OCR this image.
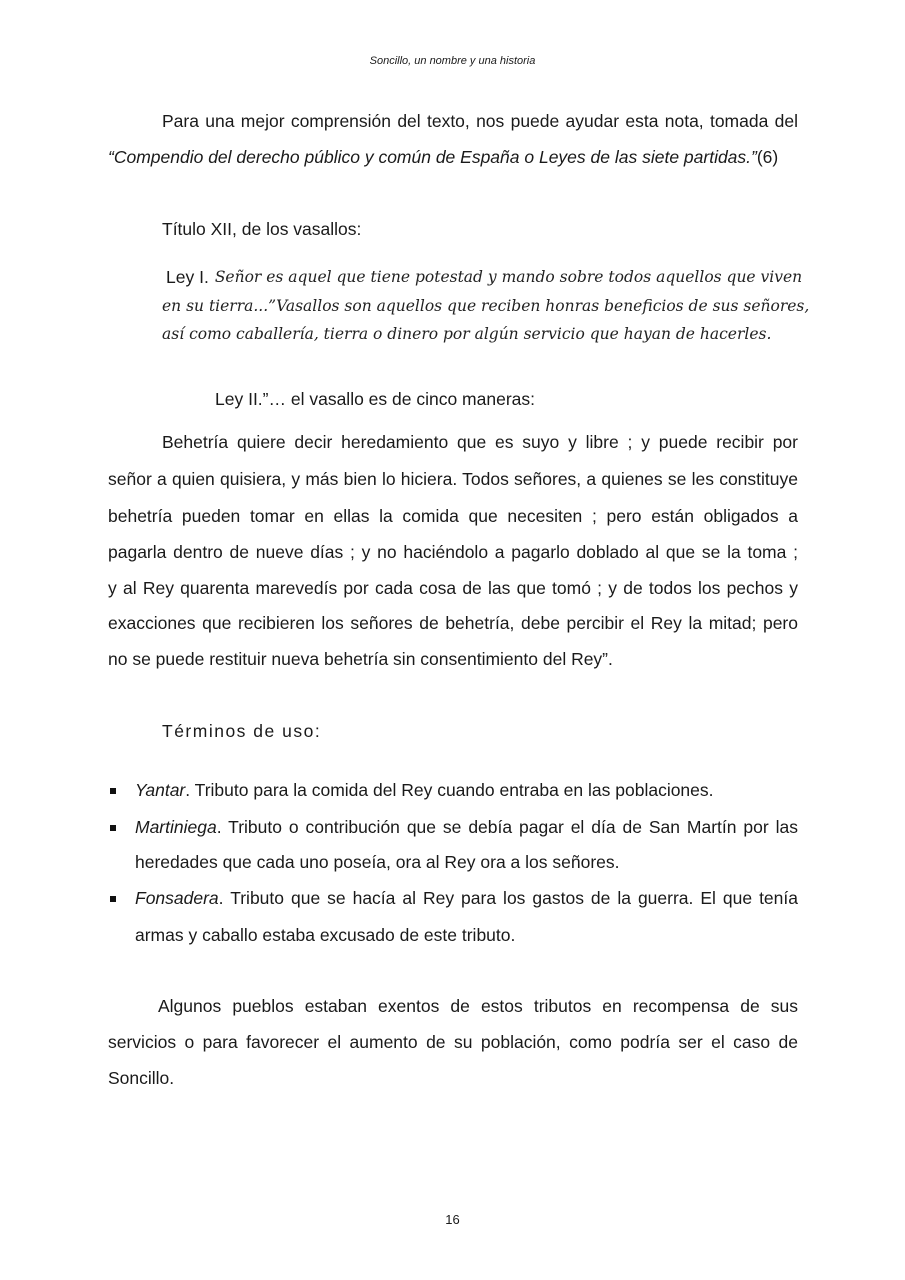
Soncillo, un nombre y una historia
Para una mejor comprensión del texto, nos puede ayudar esta nota, tomada del
“Compendio del derecho público y común de España o Leyes de las siete partidas.”(6)
Título XII, de los vasallos:
Ley I. Señor es aquel que tiene potestad y mando sobre todos aquellos que viven
en su tierra...”Vasallos son aquellos que reciben honras beneficios de sus señores,
así como caballería, tierra o dinero por algún servicio que hayan de hacerles.
Ley II.”… el vasallo es de cinco maneras:
Behetría quiere decir heredamiento que es suyo y libre ; y puede recibir por
señor a quien quisiera, y más bien lo hiciera. Todos señores, a quienes se les constituye
behetría pueden tomar en ellas la comida que necesiten ; pero están obligados a
pagarla dentro de nueve días ; y no haciéndolo a pagarlo doblado al que se la toma ;
y al Rey quarenta marevedís por cada cosa de las que tomó ; y de todos los pechos y
exacciones que recibieren los señores de behetría, debe percibir el Rey la mitad; pero
no se puede restituir nueva behetría sin consentimiento del Rey”.
Términos de uso:
Yantar. Tributo para la comida del Rey cuando entraba en las poblaciones.
Martiniega . Tributo o contribución que se debía pagar el día de San Martín por las
heredades que cada uno poseía, ora al Rey ora a los señores.
Fonsadera . Tributo que se hacía al Rey para los gastos de la guerra. El que tenía
armas y caballo estaba excusado de este tributo.
Algunos pueblos estaban exentos de estos tributos en recompensa de sus
servicios o para favorecer el aumento de su población, como podría ser el caso de
Soncillo.
16
